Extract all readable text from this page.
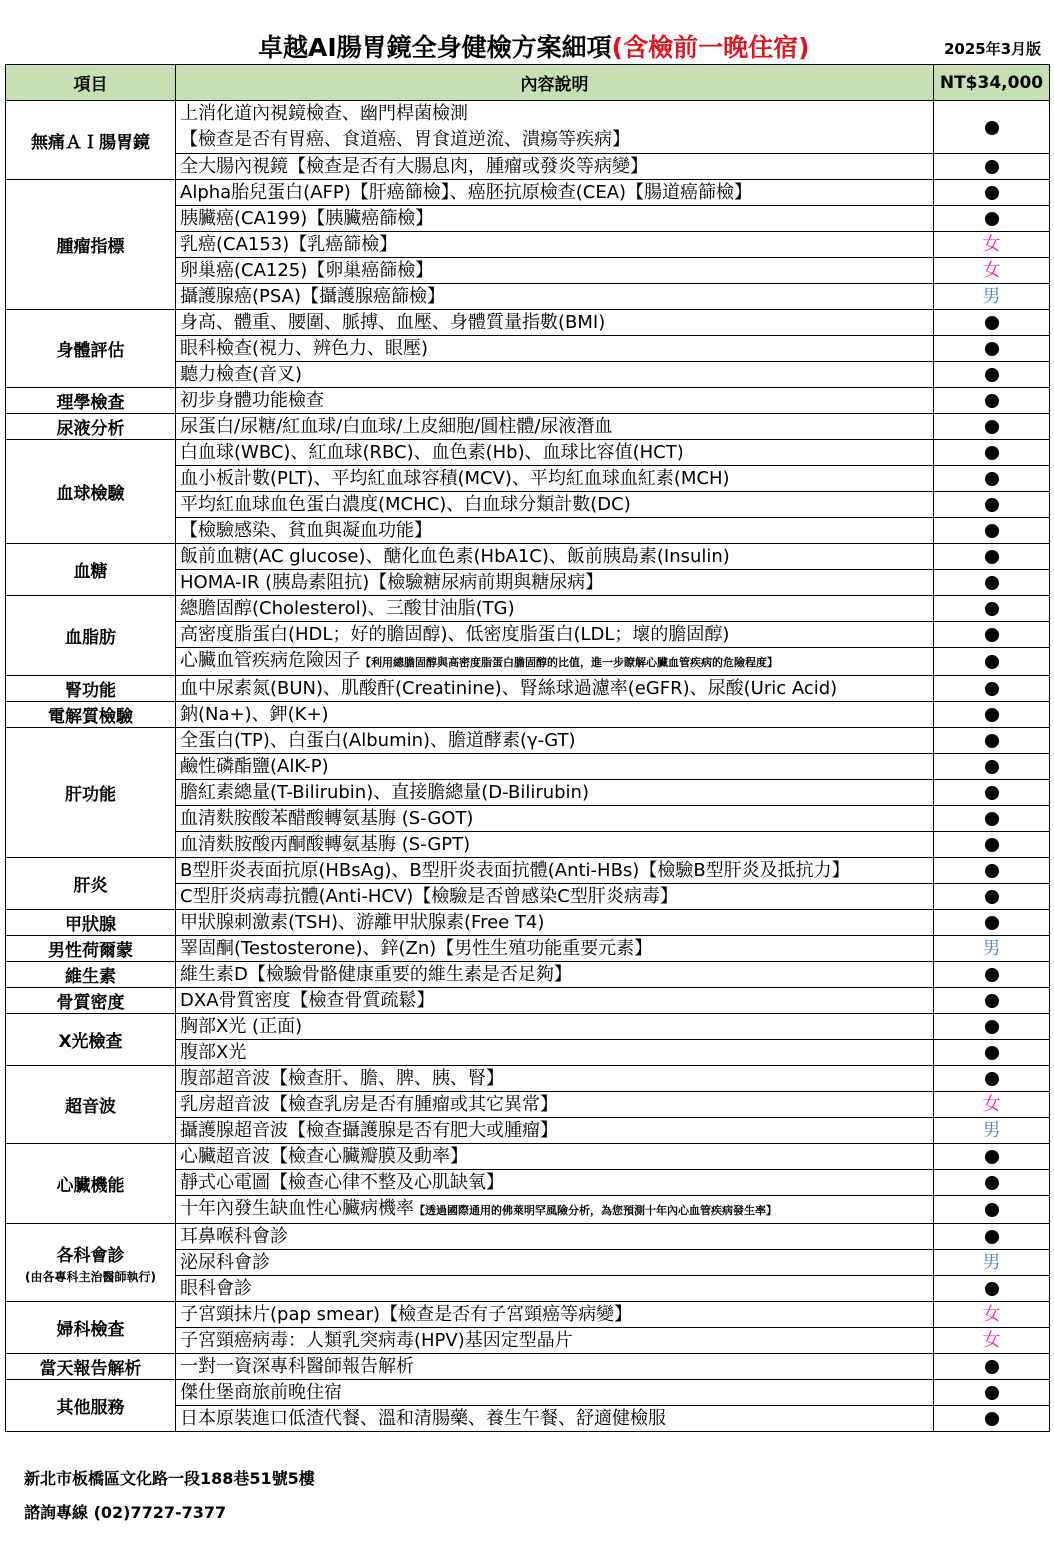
卓越AI腸胃鏡全身健檢方案細項(含檢前一晚住宿)	2025年3月版
項目	內容說明	NT$34,000
無痛ＡＩ腸胃鏡	上消化道內視鏡檢查、幽門桿菌檢測
【檢查是否有胃癌、食道癌、胃食道逆流、潰瘍等疾病】	
	全大腸內視鏡【檢查是否有大腸息肉，腫瘤或發炎等病變】	
腫瘤指標	Alpha胎兒蛋白(AFP)【肝癌篩檢】、癌胚抗原檢查(CEA)【腸道癌篩檢】	
	胰臟癌(CA199)【胰臟癌篩檢】	
	乳癌(CA153)【乳癌篩檢】	女
	卵巢癌(CA125)【卵巢癌篩檢】	女
	攝護腺癌(PSA)【攝護腺癌篩檢】	男
身體評估	身高、體重、腰圍、脈搏、血壓、身體質量指數(BMI)	
	眼科檢查(視力、辨色力、眼壓)	
	聽力檢查(音叉)	
理學檢查	初步身體功能檢查	
尿液分析	尿蛋白/尿糖/紅血球/白血球/上皮細胞/圓柱體/尿液潛血	
血球檢驗	白血球(WBC)、紅血球(RBC)、血色素(Hb)、血球比容值(HCT)	
	血小板計數(PLT)、平均紅血球容積(MCV)、平均紅血球血紅素(MCH)	
	平均紅血球血色蛋白濃度(MCHC)、白血球分類計數(DC)	
	【檢驗感染、貧血與凝血功能】	
血糖	飯前血糖(AC glucose)、醣化血色素(HbA1C)、飯前胰島素(Insulin)	
	HOMA-IR (胰島素阻抗)【檢驗糖尿病前期與糖尿病】	
血脂肪	總膽固醇(Cholesterol)、三酸甘油脂(TG)	
	高密度脂蛋白(HDL；好的膽固醇)、低密度脂蛋白(LDL；壞的膽固醇)	
	心臟血管疾病危險因子【利用總膽固醇與高密度脂蛋白膽固醇的比值，進一步瞭解心臟血管疾病的危險程度】	
腎功能	血中尿素氮(BUN)、肌酸酐(Creatinine)、腎絲球過濾率(eGFR)、尿酸(Uric Acid)	
電解質檢驗	鈉(Na+)、鉀(K+)	
肝功能	全蛋白(TP)、白蛋白(Albumin)、膽道酵素(γ-GT)	
	鹼性磷酯鹽(AlK-P)	
	膽紅素總量(T-Bilirubin)、直接膽總量(D-Bilirubin)	
	血清麩胺酸苯醋酸轉氨基脢 (S-GOT)	
	血清麩胺酸丙酮酸轉氨基脢 (S-GPT)	
肝炎	B型肝炎表面抗原(HBsAg)、B型肝炎表面抗體(Anti-HBs)【檢驗B型肝炎及抵抗力】	
	C型肝炎病毒抗體(Anti-HCV)【檢驗是否曾感染C型肝炎病毒】	
甲狀腺	甲狀腺刺激素(TSH)、游離甲狀腺素(Free T4)	
男性荷爾蒙	睪固酮(Testosterone)、鋅(Zn)【男性生殖功能重要元素】	男
維生素	維生素D【檢驗骨骼健康重要的維生素是否足夠】	
骨質密度	DXA骨質密度【檢查骨質疏鬆】	
X光檢查	胸部X光 (正面)	
	腹部X光	
超音波	腹部超音波【檢查肝、膽、脾、胰、腎】	
	乳房超音波【檢查乳房是否有腫瘤或其它異常】	女
	攝護腺超音波【檢查攝護腺是否有肥大或腫瘤】	男
心臟機能	心臟超音波【檢查心臟瓣膜及動率】	
	靜式心電圖【檢查心律不整及心肌缺氧】	
	十年內發生缺血性心臟病機率【透過國際通用的佛萊明罕風險分析，為您預測十年內心血管疾病發生率】	
各科會診
(由各專科主治醫師執行)	耳鼻喉科會診	
	泌尿科會診	男
	眼科會診	
婦科檢查	子宮頸抹片(pap smear)【檢查是否有子宮頸癌等病變】	女
	子宮頸癌病毒：人類乳突病毒(HPV)基因定型晶片	女
當天報告解析	一對一資深專科醫師報告解析	
其他服務	傑仕堡商旅前晚住宿	
	日本原裝進口低渣代餐、溫和清腸藥、養生午餐、舒適健檢服	
新北市板橋區文化路一段188巷51號5樓
諮詢專線 (02)7727-7377
